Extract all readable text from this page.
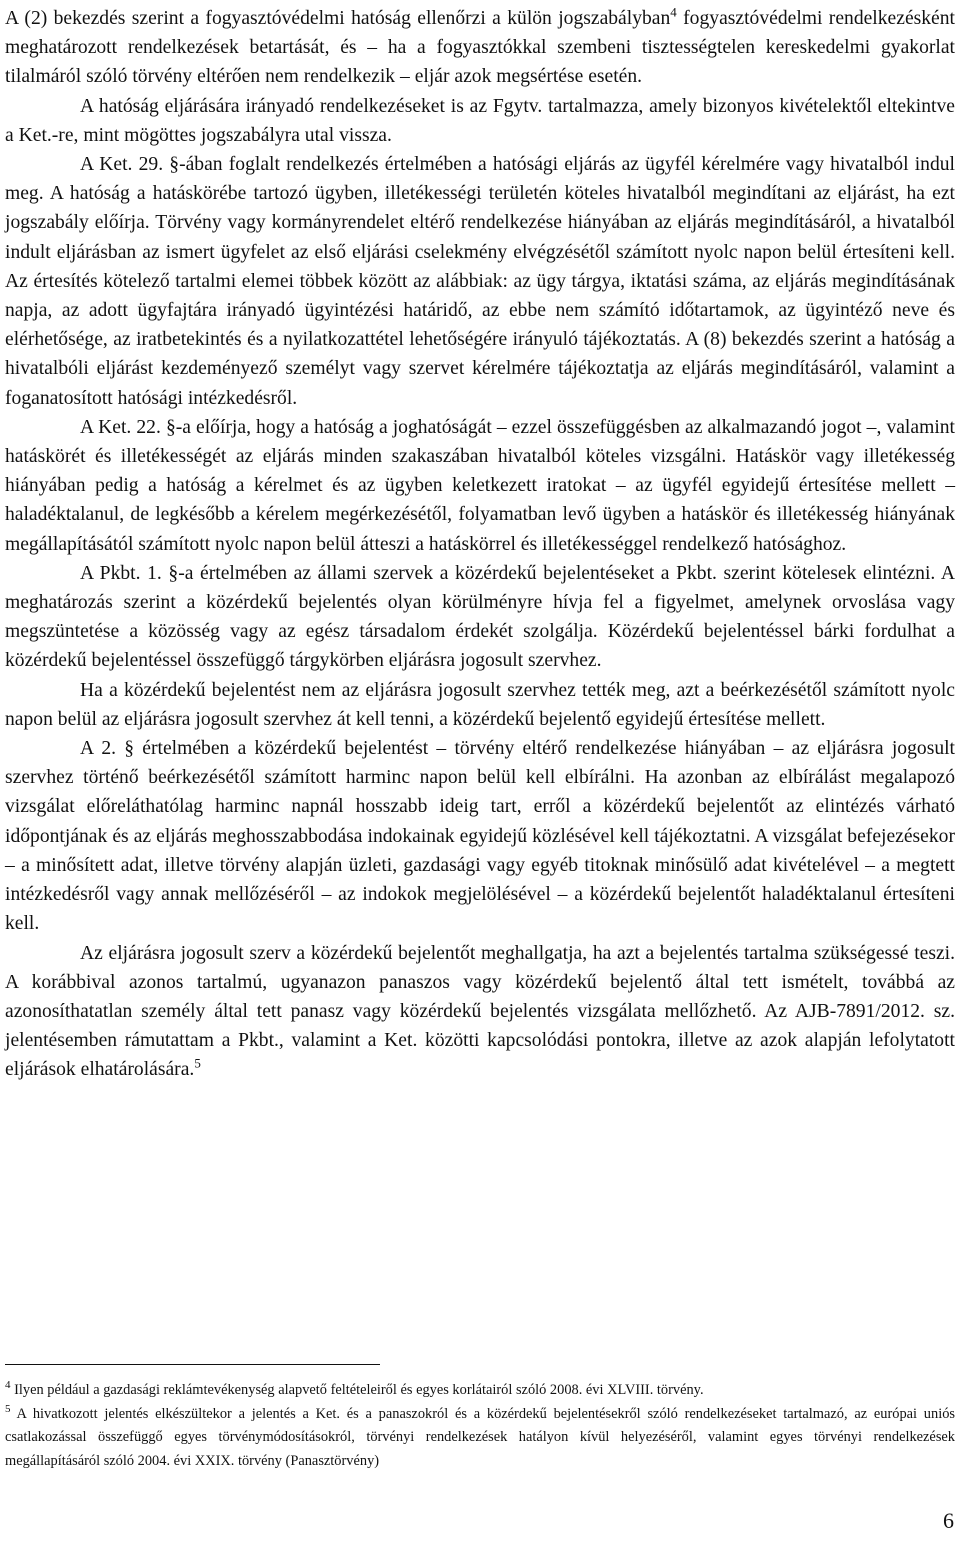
A (2) bekezdés szerint a fogyasztóvédelmi hatóság ellenőrzi a külön jogszabályban$^4$ fogyasztóvédelmi rendelkezésként meghatározott rendelkezések betartását, és – ha a fogyasztókkal szembeni tisztességtelen kereskedelmi gyakorlat tilalmáról szóló törvény eltérően nem rendelkezik – eljár azok megsértése esetén.

A hatóság eljárására irányadó rendelkezéseket is az Fgytv. tartalmazza, amely bizonyos kivételektől eltekintve a Ket.-re, mint mögöttes jogszabályra utal vissza.

A Ket. 29. §-ában foglalt rendelkezés értelmében a hatósági eljárás az ügyfél kérelmére vagy hivatalból indul meg. A hatóság a hatáskörébe tartozó ügyben, illetékességi területén köteles hivatalból megindítani az eljárást, ha ezt jogszabály előírja. Törvény vagy kormányrendelet eltérő rendelkezése hiányában az eljárás megindításáról, a hivatalból indult eljárásban az ismert ügyfelet az első eljárási cselekmény elvégzésétől számított nyolc napon belül értesíteni kell. Az értesítés kötelező tartalmi elemei többek között az alábbiak: az ügy tárgya, iktatási száma, az eljárás megindításának napja, az adott ügyfajtára irányadó ügyintézési határidő, az ebbe nem számító időtartamok, az ügyintéző neve és elérhetősége, az iratbetekintés és a nyilatkozattétel lehetőségére irányuló tájékoztatás. A (8) bekezdés szerint a hatóság a hivatalbóli eljárást kezdeményező személyt vagy szervet kérelmére tájékoztatja az eljárás megindításáról, valamint a foganatosított hatósági intézkedésről.

A Ket. 22. §-a előírja, hogy a hatóság a joghatóságát – ezzel összefüggésben az alkalmazandó jogot –, valamint hatáskörét és illetékességét az eljárás minden szakaszában hivatalból köteles vizsgálni. Hatáskör vagy illetékesség hiányában pedig a hatóság a kérelmet és az ügyben keletkezett iratokat – az ügyfél egyidejű értesítése mellett – haladéktalanul, de legkésőbb a kérelem megérkezésétől, folyamatban levő ügyben a hatáskör és illetékesség hiányának megállapításától számított nyolc napon belül átteszi a hatáskörrel és illetékességgel rendelkező hatósághoz.

A Pkbt. 1. §-a értelmében az állami szervek a közérdekű bejelentéseket a Pkbt. szerint kötelesek elintézni. A meghatározás szerint a közérdekű bejelentés olyan körülményre hívja fel a figyelmet, amelynek orvoslása vagy megszüntetése a közösség vagy az egész társadalom érdekét szolgálja. Közérdekű bejelentéssel bárki fordulhat a közérdekű bejelentéssel összefüggő tárgykörben eljárásra jogosult szervhez.

Ha a közérdekű bejelentést nem az eljárásra jogosult szervhez tették meg, azt a beérkezésétől számított nyolc napon belül az eljárásra jogosult szervhez át kell tenni, a közérdekű bejelentő egyidejű értesítése mellett.

A 2. § értelmében a közérdekű bejelentést – törvény eltérő rendelkezése hiányában – az eljárásra jogosult szervhez történő beérkezésétől számított harminc napon belül kell elbírálni. Ha azonban az elbírálást megalapozó vizsgálat előreláthatólag harminc napnál hosszabb ideig tart, erről a közérdekű bejelentőt az elintézés várható időpontjának és az eljárás meghosszabbodása indokainak egyidejű közlésével kell tájékoztatni. A vizsgálat befejezésekor – a minősített adat, illetve törvény alapján üzleti, gazdasági vagy egyéb titoknak minősülő adat kivételével – a megtett intézkedésről vagy annak mellőzéséről – az indokok megjelölésével – a közérdekű bejelentőt haladéktalanul értesíteni kell.

Az eljárásra jogosult szerv a közérdekű bejelentőt meghallgatja, ha azt a bejelentés tartalma szükségessé teszi. A korábbival azonos tartalmú, ugyanazon panaszos vagy közérdekű bejelentő által tett ismételt, továbbá az azonosíthatatlan személy által tett panasz vagy közérdekű bejelentés vizsgálata mellőzhető. Az AJB-7891/2012. sz. jelentésemben rámutattam a Pkbt., valamint a Ket. közötti kapcsolódási pontokra, illetve az azok alapján lefolytatott eljárások elhatárolására.$^5$

$^4$ Ilyen például a gazdasági reklámtevékenység alapvető feltételeiről és egyes korlátairól szóló 2008. évi XLVIII. törvény.

$^5$ A hivatkozott jelentés elkészültekor a jelentés a Ket. és a panaszokról és a közérdekű bejelentésekről szóló rendelkezéseket tartalmazó, az európai uniós csatlakozással összefüggő egyes törvénymódosításokról, törvényi rendelkezések hatályon kívül helyezéséről, valamint egyes törvényi rendelkezések megállapításáról szóló 2004. évi XXIX. törvény (Panasztörvény)

6
